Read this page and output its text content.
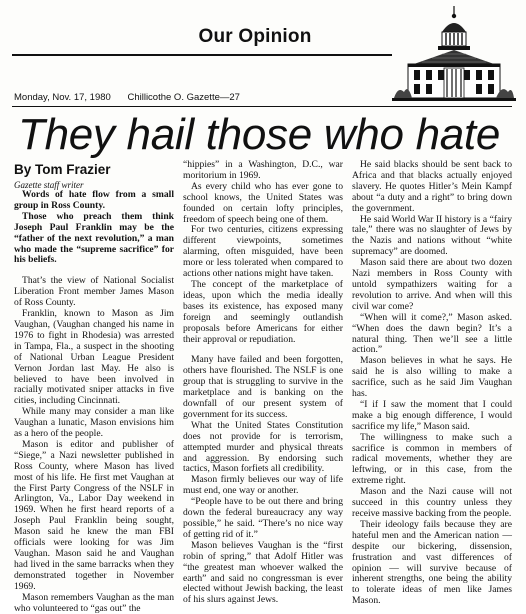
Our Opinion
Monday, Nov. 17, 1980 Chillicothe O. Gazette—27
They hail those who hate
By Tom Frazier
Gazette staff writer

Words of hate flow from a small group in Ross County.

Those who preach them think Joseph Paul Franklin may be the “father of the next revolution,” a man who made the “supreme sacrifice” for his beliefs.

That’s the view of National Socialist Liberation Front member James Mason of Ross County.

Franklin, known to Mason as Jim Vaughan, (Vaughan changed his name in 1976 to fight in Rhodesia) was arrested in Tampa, Fla., a suspect in the shooting of National Urban League President Vernon Jordan last May. He also is believed to have been involved in racially motivated sniper attacks in five cities, including Cincinnati.

While many may consider a man like Vaughan a lunatic, Mason envisions him as a hero of the people.

Mason is editor and publisher of “Siege,” a Nazi newsletter published in Ross County, where Mason has lived most of his life. He first met Vaughan at the First Party Congress of the NSLF in Arlington, Va., Labor Day weekend in 1969. When he first heard reports of a Joseph Paul Franklin being sought, Mason said he knew the man FBI officials were looking for was Jim Vaughan. Mason said he and Vaughan had lived in the same barracks when they demonstrated together in November 1969.

Mason remembers Vaughan as the man who volunteered to “gas out” the

“hippies” in a Washington, D.C., war moritorium in 1969.

As every child who has ever gone to school knows, the United States was founded on certain lofty principles, freedom of speech being one of them.

For two centuries, citizens expressing different viewpoints, sometimes alarming, often misguided, have been more or less tolerated when compared to actions other nations might have taken.

The concept of the marketplace of ideas, upon which the media ideally bases its existence, has exposed many foreign and seemingly outlandish proposals before Americans for either their approval or repudiation.

Many have failed and been forgotten, others have flourished. The NSLF is one group that is struggling to survive in the marketplace and is banking on the downfall of our present system of government for its success.

What the United States Constitution does not provide for is terrorism, attempted murder and physical threats and aggression. By endorsing such tactics, Mason forfiets all credibility.

Mason firmly believes our way of life must end, one way or another.

“People have to be out there and bring down the federal bureaucracy any way possible,” he said. “There’s no nice way of getting rid of it.”

Mason believes Vaughan is the “first robin of spring,” that Adolf Hitler was “the greatest man whoever walked the earth” and said no congressman is ever elected without Jewish backing, the least of his slurs against Jews.

He said blacks should be sent back to Africa and that blacks actually enjoyed slavery. He quotes Hitler’s Mein Kampf about “a duty and a right” to bring down the government.

He said World War II history is a “fairy tale,” there was no slaughter of Jews by the Nazis and nations without “white supremacy” are doomed.

Mason said there are about two dozen Nazi members in Ross County with untold sympathizers waiting for a revolution to arrive. And when will this civil war come?

“When will it come?,” Mason asked. “When does the dawn begin? It’s a natural thing. Then we’ll see a little action.”

Mason believes in what he says. He said he is also willing to make a sacrifice, such as he said Jim Vaughan has.

“I if I saw the moment that I could make a big enough difference, I would sacrifice my life,” Mason said.

The willingness to make such a sacrifice is common in members of radical movements, whether they are leftwing, or in this case, from the extreme right.

Mason and the Nazi cause will not succeed in this country unless they receive massive backing from the people.

Their ideology fails because they are hateful men and the American nation — despite our bickering, dissension, frustration and vast differences of opinion — will survive because of inherent strengths, one being the ability to tolerate ideas of men like James Mason.
